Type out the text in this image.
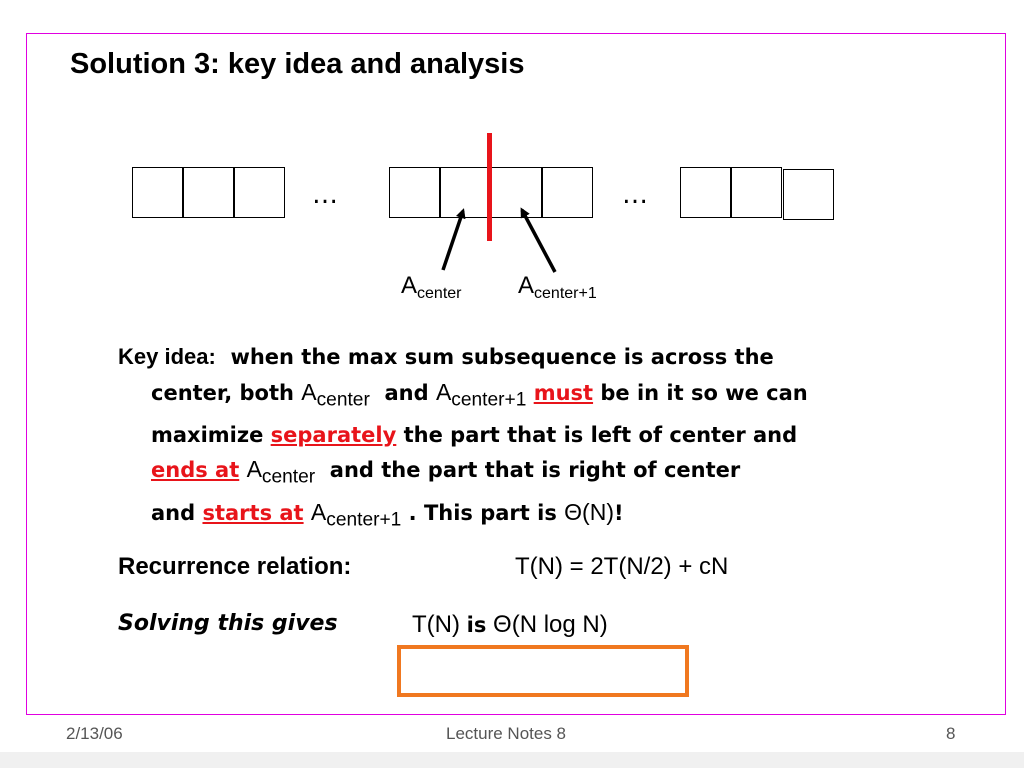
Solution 3: key idea and analysis
…	…
$A_{center}$ $A_{center+1}$
Key idea: when the max sum subsequence is across the
center, both $A_{center}$ and $A_{center+1}$ must be in it so we can
maximize separately the part that is left of center and
ends at $A_{center}$ and the part that is right of center
and starts at $A_{center+1}$ . This part is Θ(N)!
Recurrence relation:	T(N) = 2T(N/2) + cN
Solving this gives	T(N) is Θ(N log N)
2/13/06	Lecture Notes 8	8
